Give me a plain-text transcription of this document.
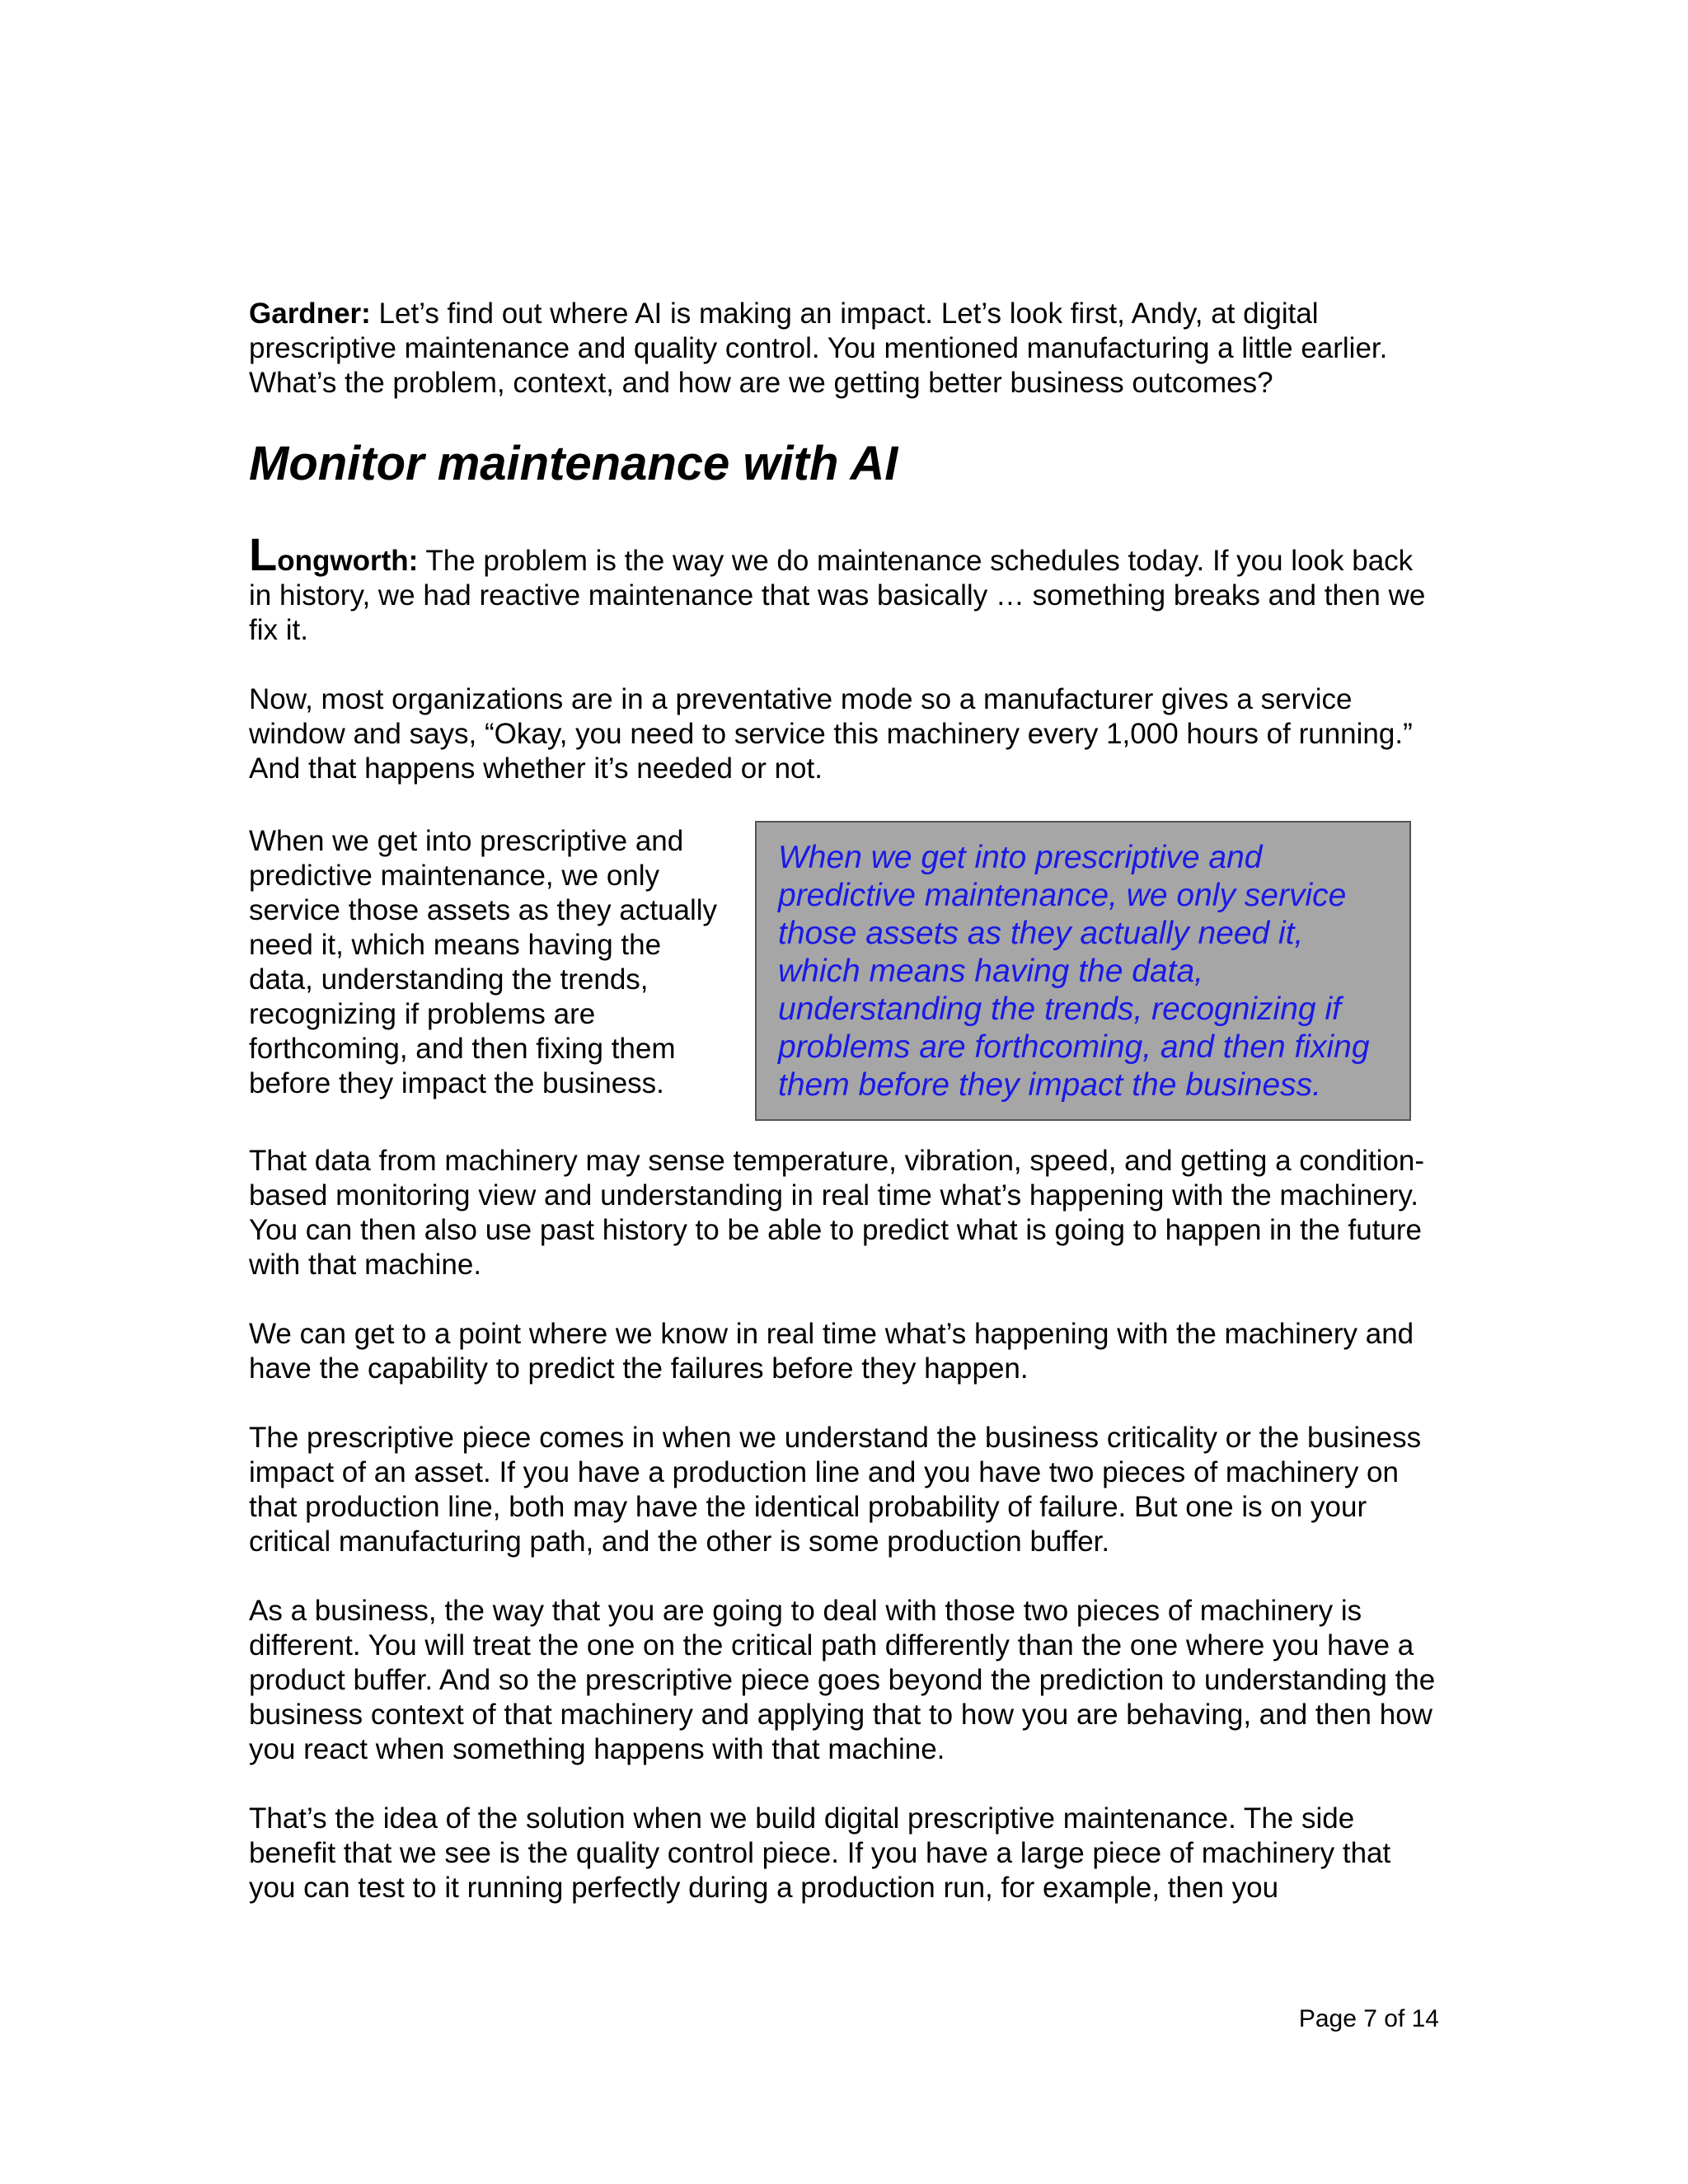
Gardner: Let’s find out where AI is making an impact. Let’s look first, Andy, at digital prescriptive maintenance and quality control. You mentioned manufacturing a little earlier. What’s the problem, context, and how are we getting better business outcomes?

Monitor maintenance with AI

Longworth: The problem is the way we do maintenance schedules today. If you look back in history, we had reactive maintenance that was basically … something breaks and then we fix it.

Now, most organizations are in a preventative mode so a manufacturer gives a service window and says, “Okay, you need to service this machinery every 1,000 hours of running.” And that happens whether it’s needed or not.

When we get into prescriptive and predictive maintenance, we only service those assets as they actually need it, which means having the data, understanding the trends, recognizing if problems are forthcoming, and then fixing them before they impact the business.

When we get into prescriptive and predictive maintenance, we only service those assets as they actually need it, which means having the data, understanding the trends, recognizing if problems are forthcoming, and then fixing them before they impact the business.

That data from machinery may sense temperature, vibration, speed, and getting a condition-based monitoring view and understanding in real time what’s happening with the machinery. You can then also use past history to be able to predict what is going to happen in the future with that machine.

We can get to a point where we know in real time what’s happening with the machinery and have the capability to predict the failures before they happen.

The prescriptive piece comes in when we understand the business criticality or the business impact of an asset. If you have a production line and you have two pieces of machinery on that production line, both may have the identical probability of failure. But one is on your critical manufacturing path, and the other is some production buffer.

As a business, the way that you are going to deal with those two pieces of machinery is different. You will treat the one on the critical path differently than the one where you have a product buffer. And so the prescriptive piece goes beyond the prediction to understanding the business context of that machinery and applying that to how you are behaving, and then how you react when something happens with that machine.

That’s the idea of the solution when we build digital prescriptive maintenance. The side benefit that we see is the quality control piece. If you have a large piece of machinery that you can test to it running perfectly during a production run, for example, then you

Page 7 of 14
